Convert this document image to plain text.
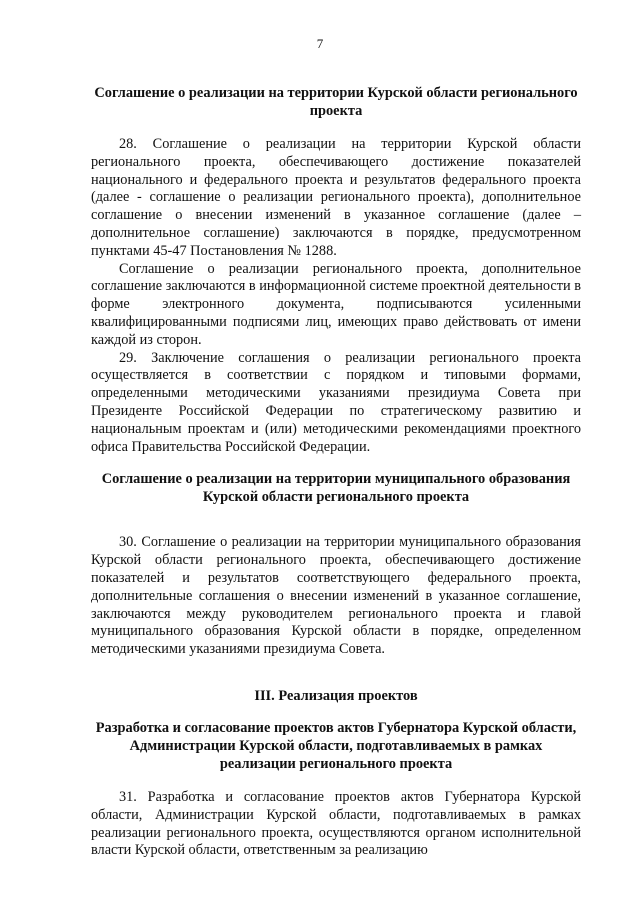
7
Соглашение о реализации на территории Курской области регионального проекта

28. Соглашение о реализации на территории Курской области регионального проекта, обеспечивающего достижение показателей национального и федерального проекта и результатов федерального проекта (далее - соглашение о реализации регионального проекта), дополнительное соглашение о внесении изменений в указанное соглашение (далее – дополнительное соглашение) заключаются в порядке, предусмотренном пунктами 45-47 Постановления № 1288.

Соглашение о реализации регионального проекта, дополнительное соглашение заключаются в информационной системе проектной деятельности в форме электронного документа, подписываются усиленными квалифицированными подписями лиц, имеющих право действовать от имени каждой из сторон.

29. Заключение соглашения о реализации регионального проекта осуществляется в соответствии с порядком и типовыми формами, определенными методическими указаниями президиума Совета при Президенте Российской Федерации по стратегическому развитию и национальным проектам и (или) методическими рекомендациями проектного офиса Правительства Российской Федерации.

Соглашение о реализации на территории муниципального образования Курской области регионального проекта

30. Соглашение о реализации на территории муниципального образования Курской области регионального проекта, обеспечивающего достижение показателей и результатов соответствующего федерального проекта, дополнительные соглашения о внесении изменений в указанное соглашение, заключаются между руководителем регионального проекта и главой муниципального образования Курской области в порядке, определенном методическими указаниями президиума Совета.

III. Реализация проектов
Разработка и согласование проектов актов Губернатора Курской области, Администрации Курской области, подготавливаемых в рамках реализации регионального проекта

31. Разработка и согласование проектов актов Губернатора Курской области, Администрации Курской области, подготавливаемых в рамках реализации регионального проекта, осуществляются органом исполнительной власти Курской области, ответственным за реализацию
